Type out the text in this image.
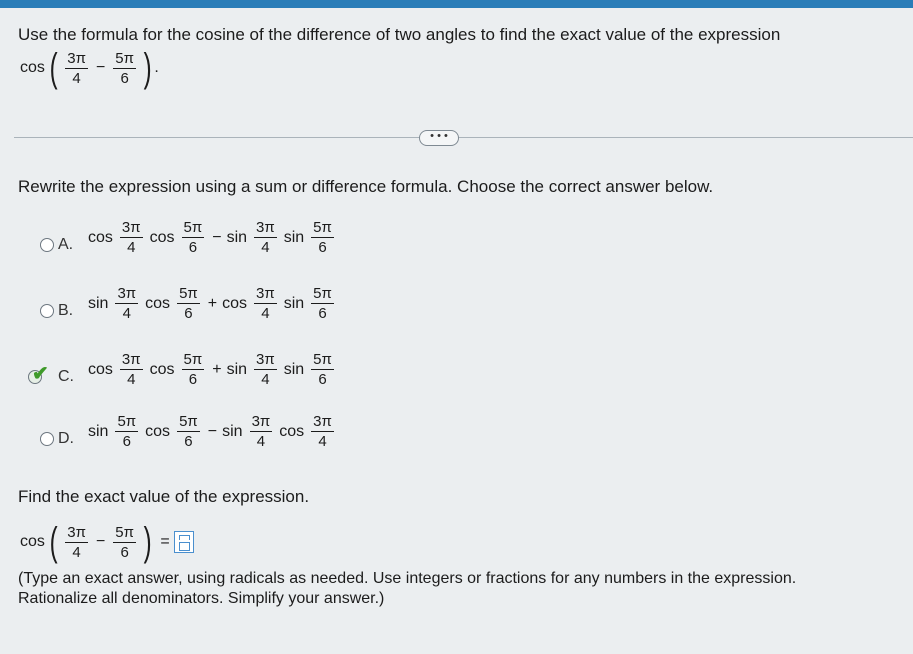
Use the formula for the cosine of the difference of two angles to find the exact value of the expression
cos ( $\frac{3\pi}{4} - \frac{5\pi}{6}$ ) .
• • •
Rewrite the expression using a sum or difference formula. Choose the correct answer below.
A. $\cos \frac{3\pi}{4}$ $\cos \frac{5\pi}{6} - \sin \frac{3\pi}{4}$ $\sin \frac{5\pi}{6}$
B. $\sin \frac{3\pi}{4}$ $\cos \frac{5\pi}{6} + \cos \frac{3\pi}{4}$ $\sin \frac{5\pi}{6}$
✔ C. $\cos \frac{3\pi}{4}$ $\cos \frac{5\pi}{6} + \sin \frac{3\pi}{4}$ $\sin \frac{5\pi}{6}$
D. $\sin \frac{5\pi}{6}$ $\cos \frac{5\pi}{6} - \sin \frac{3\pi}{4}$ $\cos \frac{3\pi}{4}$
Find the exact value of the expression.
cos ( $\frac{3\pi}{4} - \frac{5\pi}{6}$ ) =
(Type an exact answer, using radicals as needed. Use integers or fractions for any numbers in the expression.
Rationalize all denominators. Simplify your answer.)
